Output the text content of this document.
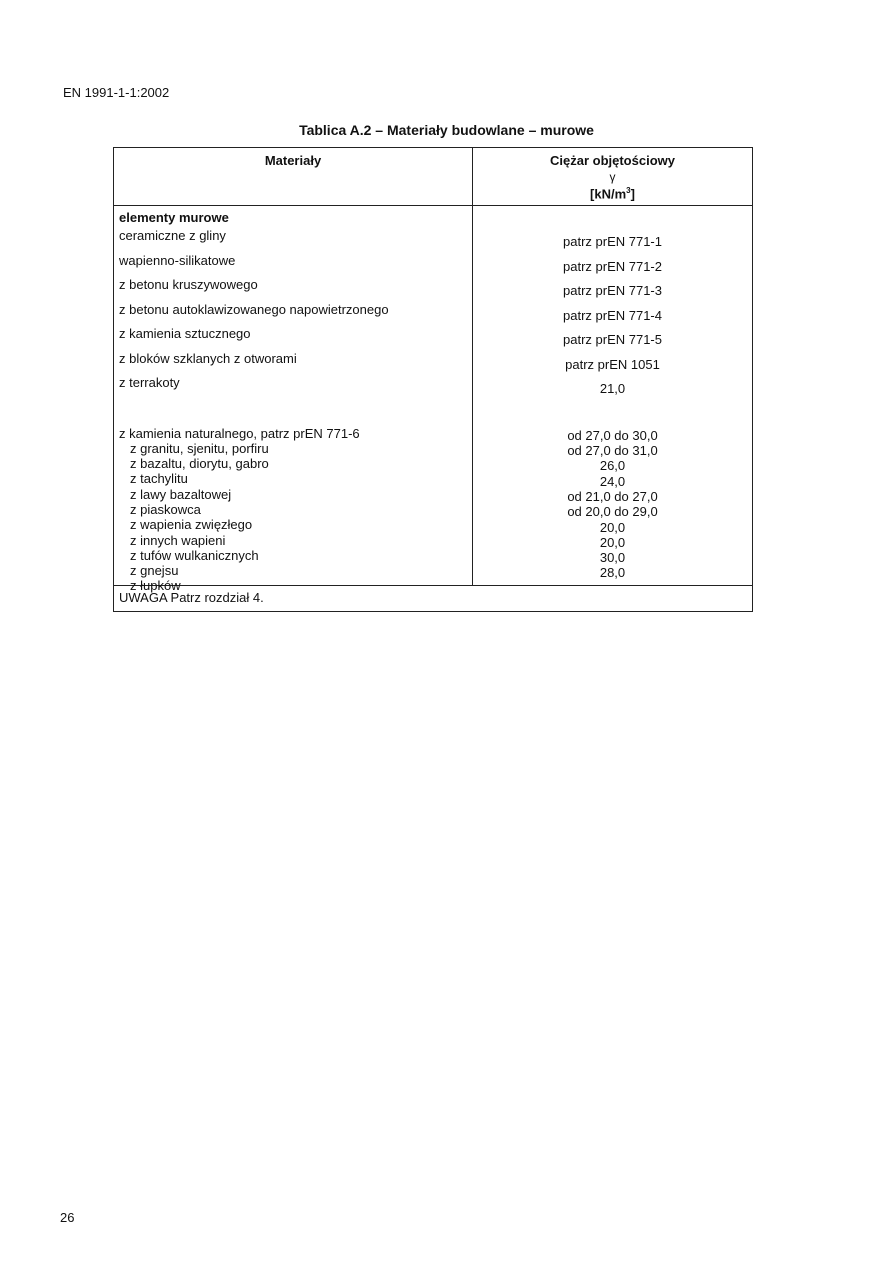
EN 1991-1-1:2002
Tablica A.2 – Materiały budowlane – murowe
Materiały	Ciężar objętościowy
γ
$[kN/m^3]$
elementy murowe
ceramiczne z gliny
wapienno-silikatowe
z betonu kruszywowego
z betonu autoklawizowanego napowietrzonego
z kamienia sztucznego
z bloków szklanych z otworami
z terrakoty
z kamienia naturalnego, patrz prEN 771-6
z granitu, sjenitu, porfiru
z bazaltu, diorytu, gabro
z tachylitu
z lawy bazaltowej
z piaskowca
z wapienia zwięzłego
z innych wapieni
z tufów wulkanicznych
z gnejsu
z łupków
patrz prEN 771-1
patrz prEN 771-2
patrz prEN 771-3
patrz prEN 771-4
patrz prEN 771-5
patrz prEN 1051
21,0
od 27,0 do 30,0
od 27,0 do 31,0
26,0
24,0
od 21,0 do 27,0
od 20,0 do 29,0
20,0
20,0
30,0
28,0
UWAGA Patrz rozdział 4.
26
